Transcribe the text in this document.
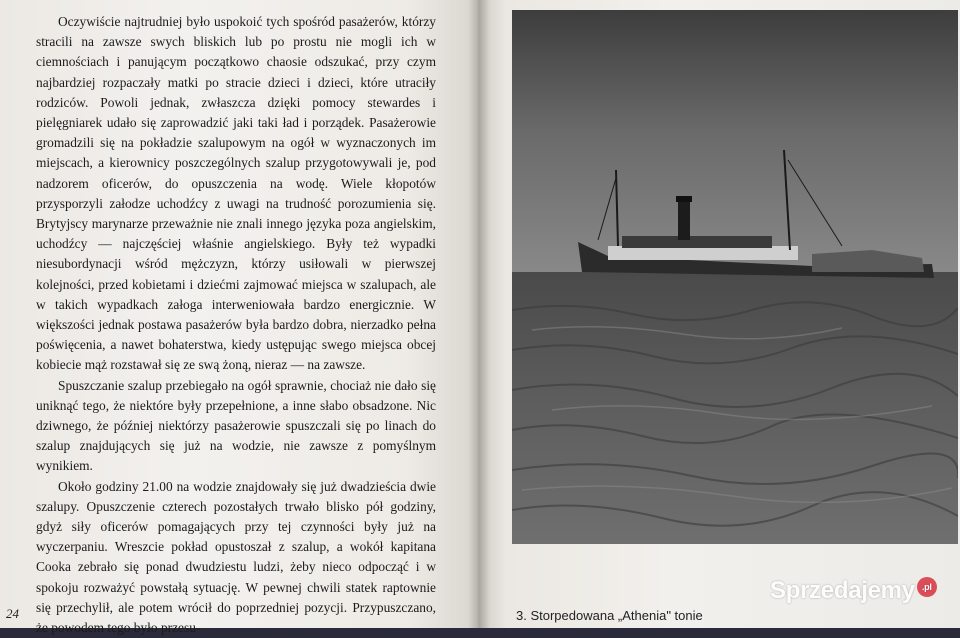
Oczywiście najtrudniej było uspokoić tych spośród pasażerów, którzy stracili na zawsze swych bliskich lub po prostu nie mogli ich w ciemnościach i panującym początkowo chaosie odszukać, przy czym najbardziej rozpaczały matki po stracie dzieci i dzieci, które utraciły rodziców. Powoli jednak, zwłaszcza dzięki pomocy stewardes i pielęgniarek udało się zaprowadzić jaki taki ład i porządek. Pasażerowie gromadzili się na pokładzie szalupowym na ogół w wyznaczonych im miejscach, a kierownicy poszczególnych szalup przygotowywali je, pod nadzorem oficerów, do opuszczenia na wodę. Wiele kłopotów przysporzyli załodze uchodźcy z uwagi na trudność porozumienia się. Brytyjscy marynarze przeważnie nie znali innego języka poza angielskim, uchodźcy — najczęściej właśnie angielskiego. Były też wypadki niesubordynacji wśród mężczyzn, którzy usiłowali w pierwszej kolejności, przed kobietami i dziećmi zajmować miejsca w szalupach, ale w takich wypadkach załoga interweniowała bardzo energicznie. W większości jednak postawa pasażerów była bardzo dobra, nierzadko pełna poświęcenia, a nawet bohaterstwa, kiedy ustępując swego miejsca obcej kobiecie mąż rozstawał się ze swą żoną, nieraz — na zawsze.

Spuszczanie szalup przebiegało na ogół sprawnie, chociaż nie dało się uniknąć tego, że niektóre były przepełnione, a inne słabo obsadzone. Nic dziwnego, że później niektórzy pasażerowie spuszczali się po linach do szalup znajdujących się już na wodzie, nie zawsze z pomyślnym wynikiem.

Około godziny 21.00 na wodzie znajdowały się już dwadzieścia dwie szalupy. Opuszczenie czterech pozostałych trwało blisko pół godziny, gdyż siły oficerów pomagających przy tej czynności były już na wyczerpaniu. Wreszcie pokład opustoszał z szalup, a wokół kapitana Cooka zebrało się ponad dwudziestu ludzi, żeby nieco odpocząć i w spokoju rozważyć powstałą sytuację. W pewnej chwili statek raptownie się przechylił, ale potem wrócił do poprzedniej pozycji. Przypuszczano, że powodem tego było przesu-

24	3. Storpedowana „Athenia" tonie
Sprzedajemy .pl
